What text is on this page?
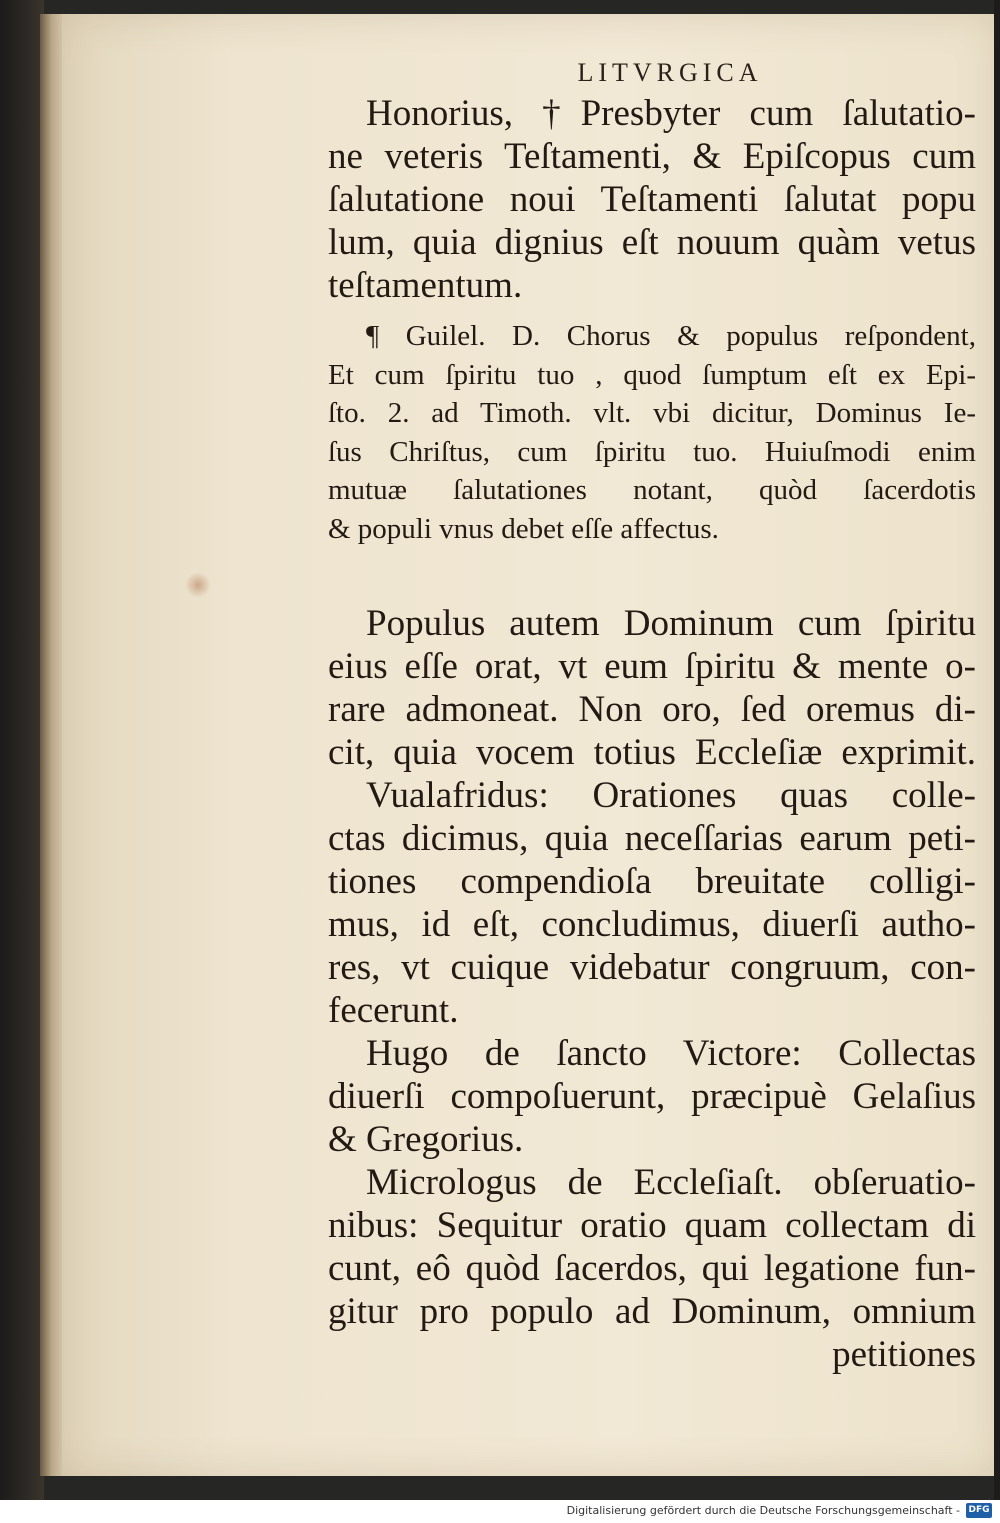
LITVRGICA
Honorius, †Presbyter cum ſalutatio-
ne veteris Teſtamenti, & Epiſcopus cum
ſalutatione noui Teſtamenti ſalutat popu
lum, quia dignius eſt nouum quàm vetus
teſtamentum.
¶ Guilel. D. Chorus & populus reſpondent,
Et cum ſpiritu tuo , quod ſumptum eſt ex Epi-
ſto. 2. ad Timoth. vlt. vbi dicitur, Dominus Ie-
ſus Chriſtus, cum ſpiritu tuo. Huiuſmodi enim
mutuæ ſalutationes notant, quòd ſacerdotis
& populi vnus debet eſſe affectus.
Populus autem Dominum cum ſpiritu
eius eſſe orat, vt eum ſpiritu & mente o-
rare admoneat. Non oro, ſed oremus di-
cit, quia vocem totius Eccleſiæ exprimit.
Vualafridus: Orationes quas colle-
ctas dicimus, quia neceſſarias earum peti-
tiones compendioſa breuitate colligi-
mus, id eſt, concludimus, diuerſi autho-
res, vt cuique videbatur congruum, con-
fecerunt.
Hugo de ſancto Victore: Collectas
diuerſi compoſuerunt, præcipuè Gelaſius
& Gregorius.
Micrologus de Eccleſiaſt. obſeruatio-
nibus: Sequitur oratio quam collectam di
cunt, eô quòd ſacerdos, qui legatione fun-
gitur pro populo ad Dominum, omnium
petitiones
Digitalisierung gefördert durch die Deutsche Forschungsgemeinschaft - DFG
